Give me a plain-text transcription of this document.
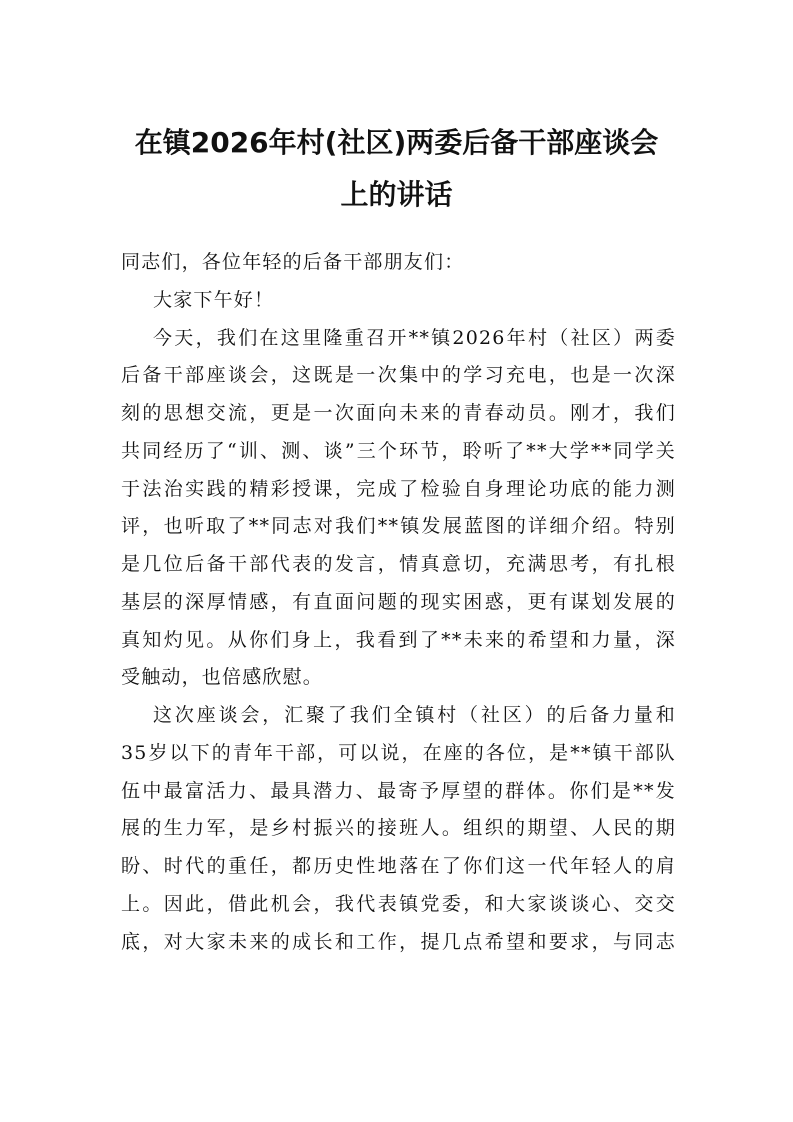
在镇2026年村(社区)两委后备干部座谈会
上的讲话
同志们，各位年轻的后备干部朋友们：
大家下午好！
今天，我们在这里隆重召开**镇2026年村（社区）两委
后备干部座谈会，这既是一次集中的学习充电，也是一次深
刻的思想交流，更是一次面向未来的青春动员。刚才，我们
共同经历了“训、测、谈”三个环节，聆听了**大学**同学关
于法治实践的精彩授课，完成了检验自身理论功底的能力测
评，也听取了**同志对我们**镇发展蓝图的详细介绍。特别
是几位后备干部代表的发言，情真意切，充满思考，有扎根
基层的深厚情感，有直面问题的现实困惑，更有谋划发展的
真知灼见。从你们身上，我看到了**未来的希望和力量，深
受触动，也倍感欣慰。
这次座谈会，汇聚了我们全镇村（社区）的后备力量和
35岁以下的青年干部，可以说，在座的各位，是**镇干部队
伍中最富活力、最具潜力、最寄予厚望的群体。你们是**发
展的生力军，是乡村振兴的接班人。组织的期望、人民的期
盼、时代的重任，都历史性地落在了你们这一代年轻人的肩
上。因此，借此机会，我代表镇党委，和大家谈谈心、交交
底，对大家未来的成长和工作，提几点希望和要求，与同志
